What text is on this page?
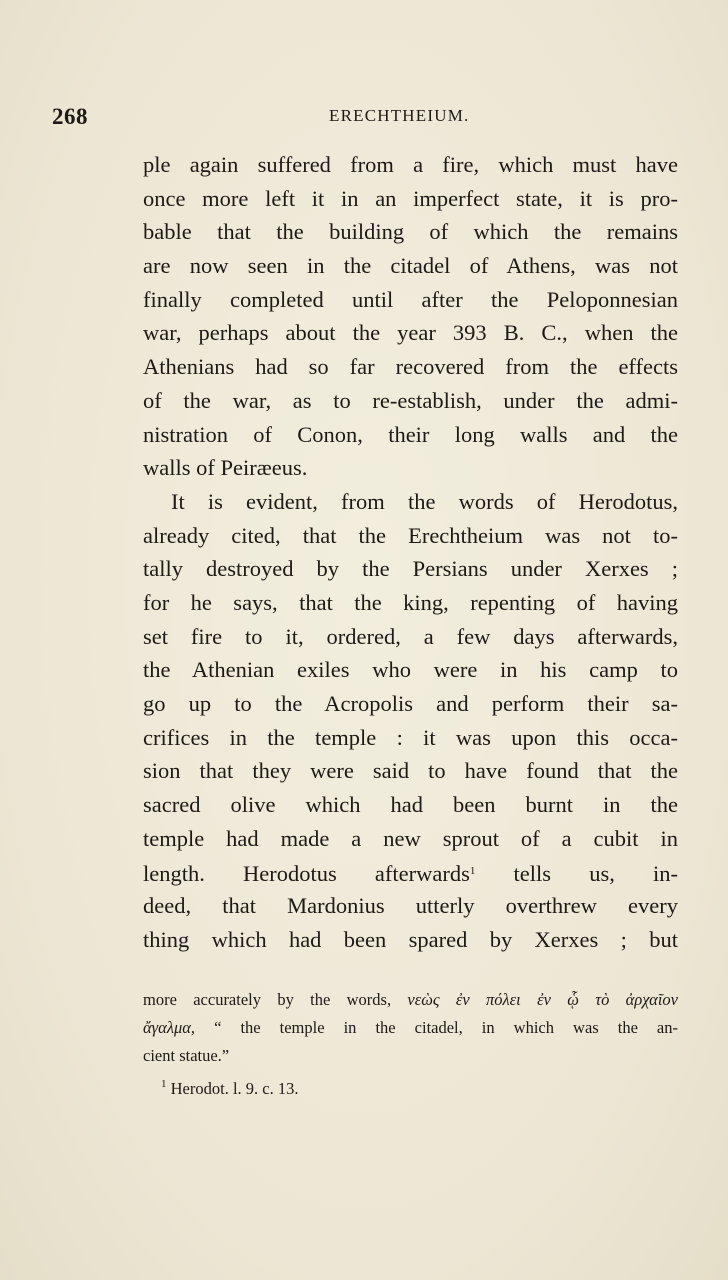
268	ERECHTHEIUM.
ple again suffered from a fire, which must have
once more left it in an imperfect state, it is pro-
bable that the building of which the remains
are now seen in the citadel of Athens, was not
finally completed until after the Peloponnesian
war, perhaps about the year 393 B. C., when the
Athenians had so far recovered from the effects
of the war, as to re-establish, under the admi-
nistration of Conon, their long walls and the
walls of Peiræeus.
It is evident, from the words of Herodotus,
already cited, that the Erechtheium was not to-
tally destroyed by the Persians under Xerxes ;
for he says, that the king, repenting of having
set fire to it, ordered, a few days afterwards,
the Athenian exiles who were in his camp to
go up to the Acropolis and perform their sa-
crifices in the temple : it was upon this occa-
sion that they were said to have found that the
sacred olive which had been burnt in the
temple had made a new sprout of a cubit in
length. Herodotus afterwards$^1$ tells us, in-
deed, that Mardonius utterly overthrew every
thing which had been spared by Xerxes ; but
more accurately by the words, νεὼς ἐν πόλει ἐν ᾧ τὸ ἀρχαῖον
ἄγαλμα, “ the temple in the citadel, in which was the an-
cient statue.”
$^1$ Herodot. l. 9. c. 13.
